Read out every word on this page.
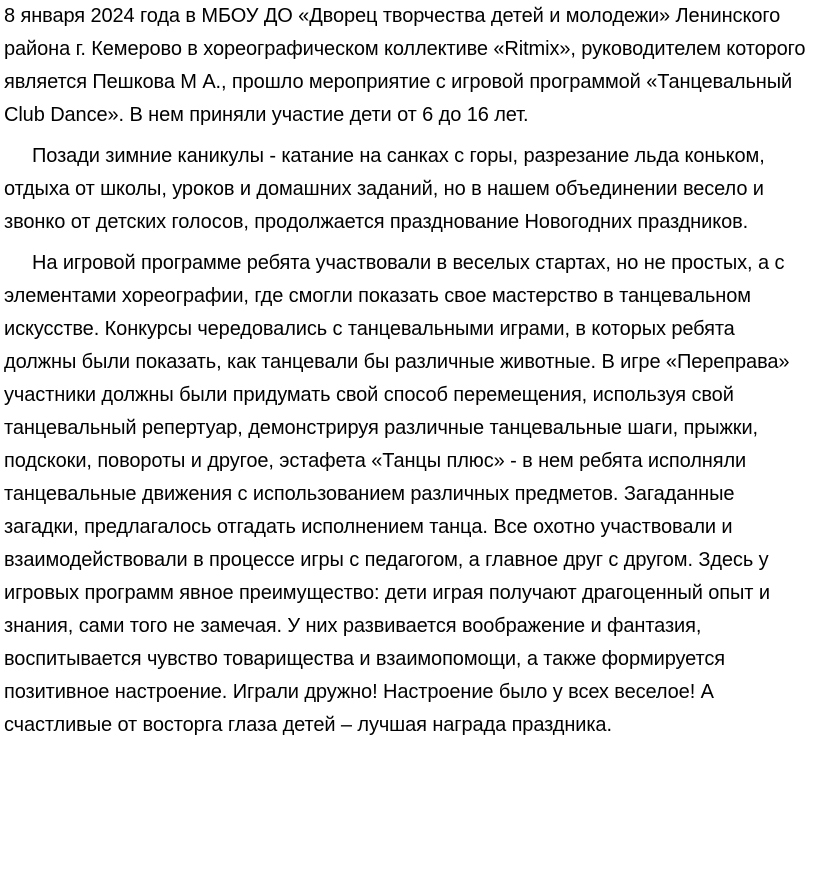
8 января 2024 года в МБОУ ДО «Дворец творчества детей и молодежи» Ленинского района г. Кемерово в хореографическом коллективе «Ritmix», руководителем которого является Пешкова М А., прошло мероприятие с игровой программой «Танцевальный Club Dance». В нем приняли участие дети от 6 до 16 лет.

Позади зимние каникулы - катание на санках с горы, разрезание льда коньком, отдыха от школы, уроков и домашних заданий, но в нашем объединении весело и звонко от детских голосов, продолжается празднование Новогодних праздников.

На игровой программе ребята участвовали в веселых стартах, но не простых, а с элементами хореографии, где смогли показать свое мастерство в танцевальном искусстве. Конкурсы чередовались с танцевальными играми, в которых ребята должны были показать, как танцевали бы различные животные. В игре «Переправа» участники должны были придумать свой способ перемещения, используя свой танцевальный репертуар, демонстрируя различные танцевальные шаги, прыжки, подскоки, повороты и другое, эстафета «Танцы плюс» - в нем ребята исполняли танцевальные движения с использованием различных предметов. Загаданные загадки, предлагалось отгадать исполнением танца. Все охотно участвовали и взаимодействовали в процессе игры с педагогом, а главное друг с другом. Здесь у игровых программ явное преимущество: дети играя получают драгоценный опыт и знания, сами того не замечая. У них развивается воображение и фантазия, воспитывается чувство товарищества и взаимопомощи, а также формируется позитивное настроение. Играли дружно! Настроение было у всех веселое! А счастливые от восторга глаза детей – лучшая награда праздника.
